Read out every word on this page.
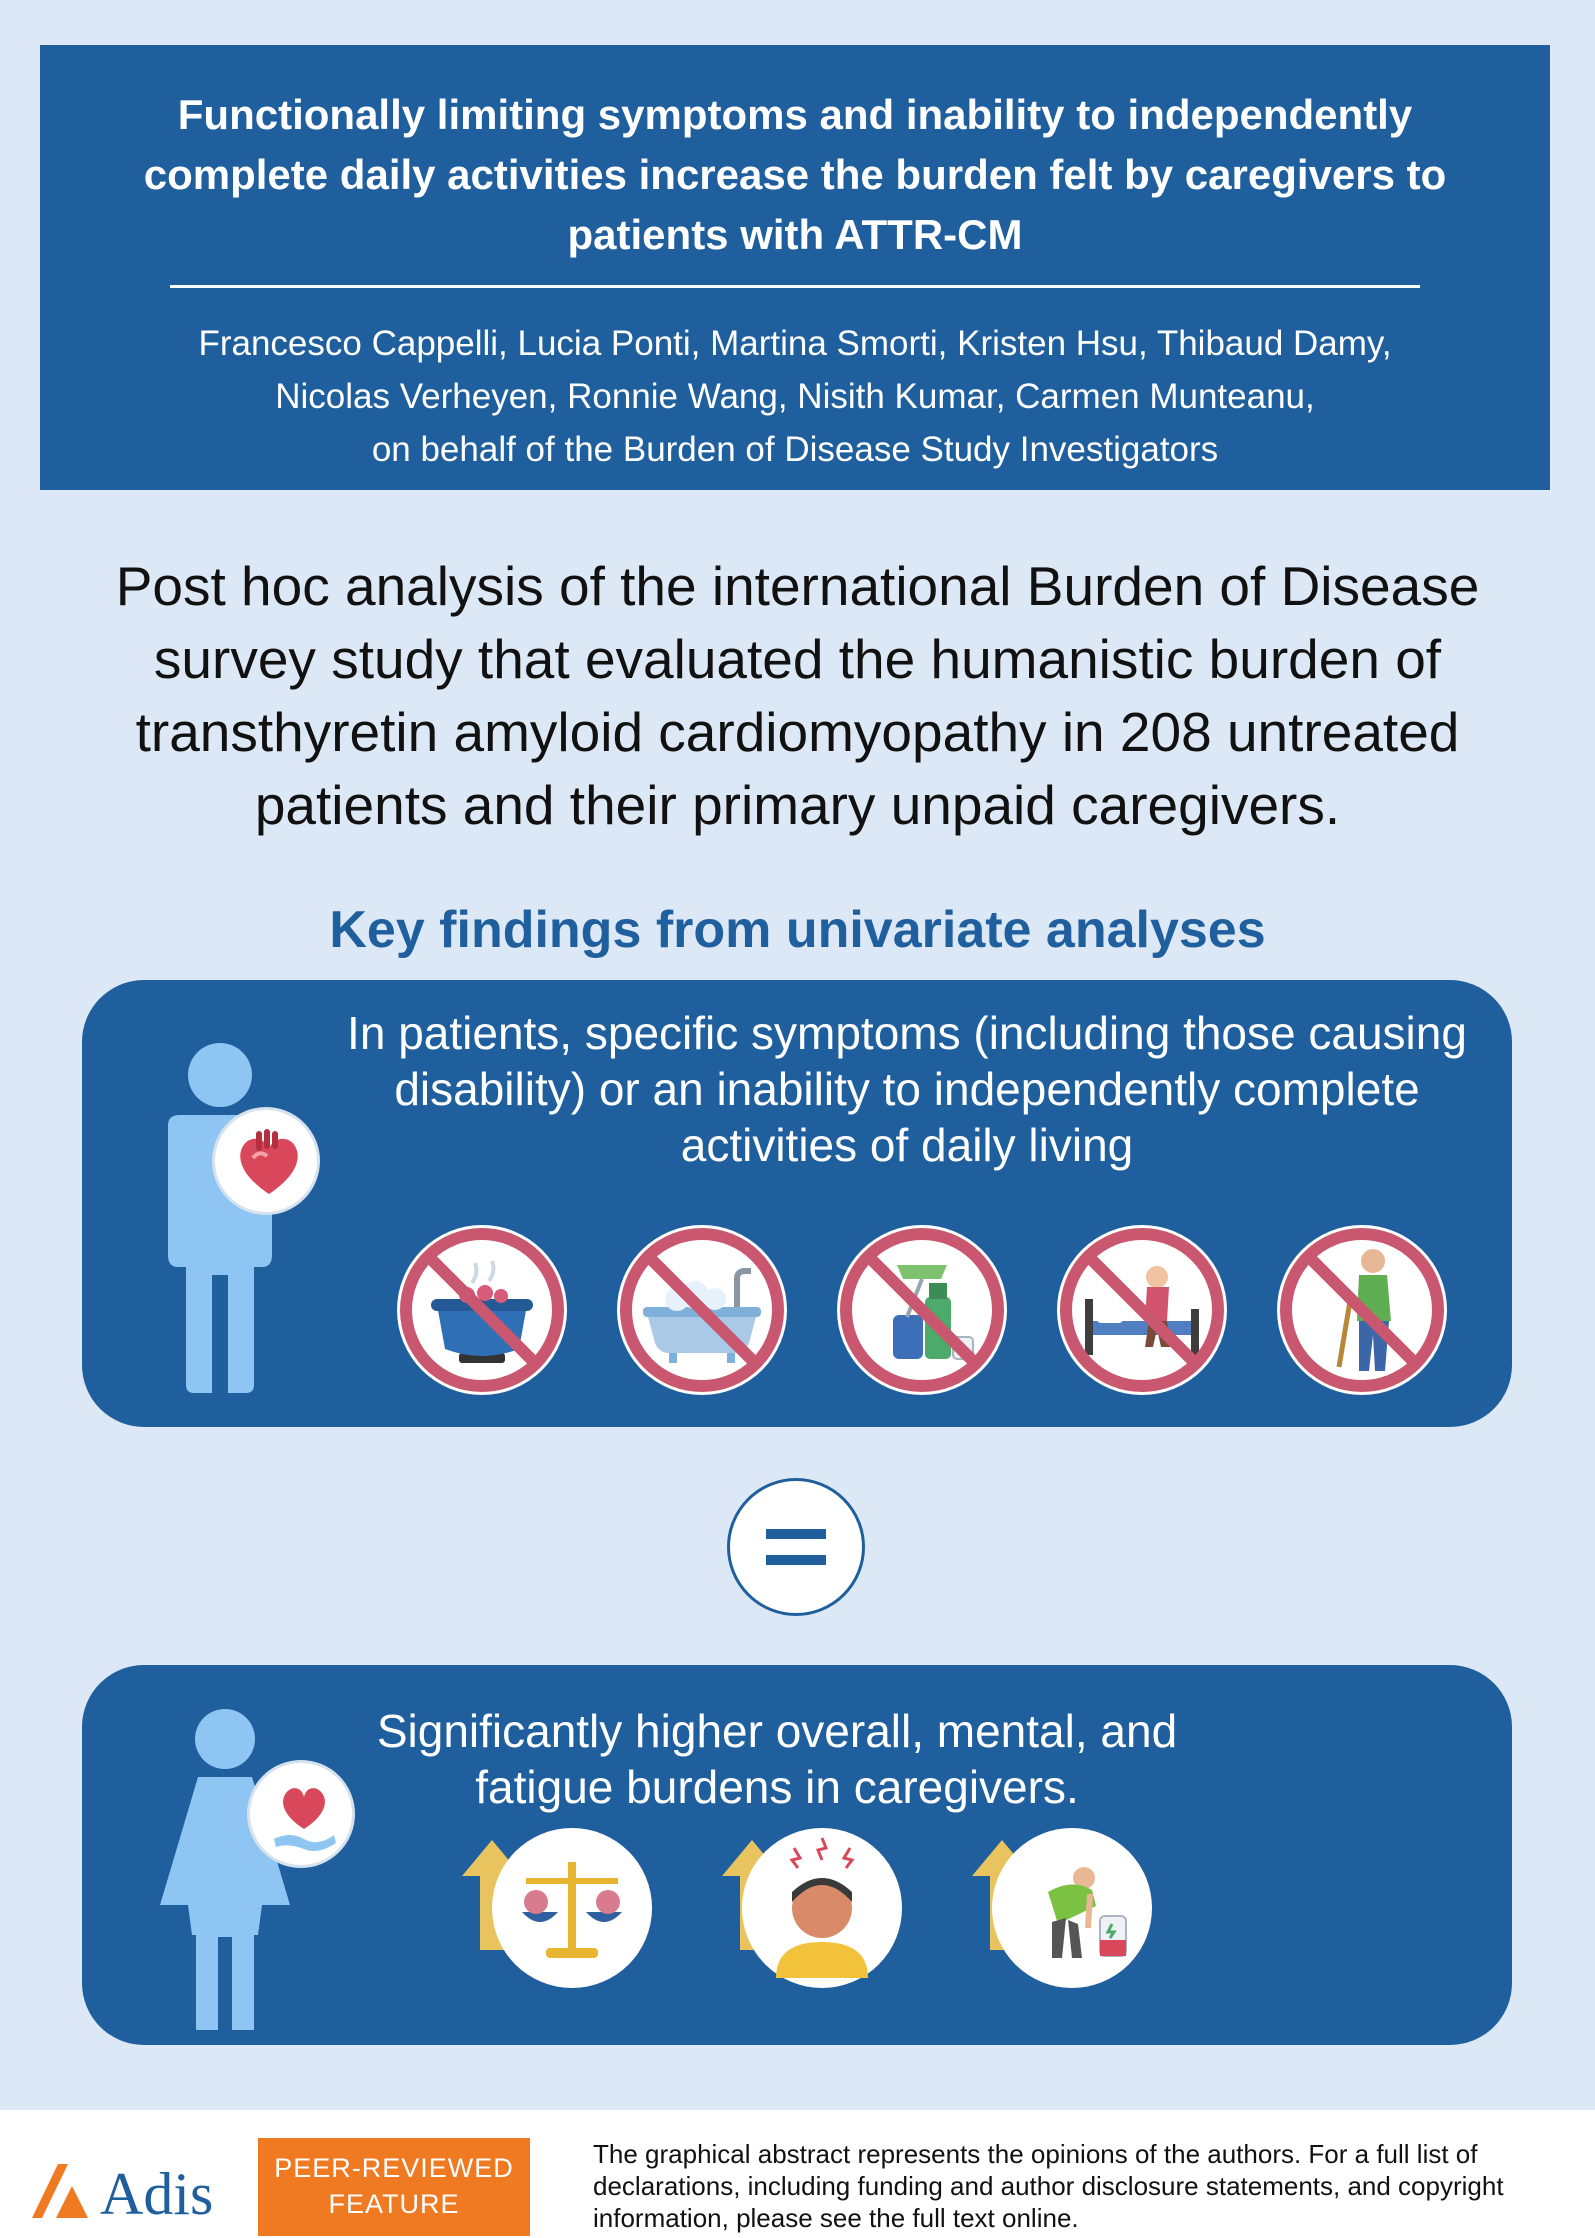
Functionally limiting symptoms and inability to independently complete daily activities increase the burden felt by caregivers to patients with ATTR-CM
Francesco Cappelli, Lucia Ponti, Martina Smorti, Kristen Hsu, Thibaud Damy,
Nicolas Verheyen, Ronnie Wang, Nisith Kumar, Carmen Munteanu,
on behalf of the Burden of Disease Study Investigators
Post hoc analysis of the international Burden of Disease survey study that evaluated the humanistic burden of transthyretin amyloid cardiomyopathy in 208 untreated patients and their primary unpaid caregivers.
Key findings from univariate analyses
In patients, specific symptoms (including those causing disability) or an inability to independently complete activities of daily living
Significantly higher overall, mental, and fatigue burdens in caregivers.
Adis	PEER-REVIEWED
FEATURE
The graphical abstract represents the opinions of the authors. For a full list of declarations, including funding and author disclosure statements, and copyright information, please see the full text online.
